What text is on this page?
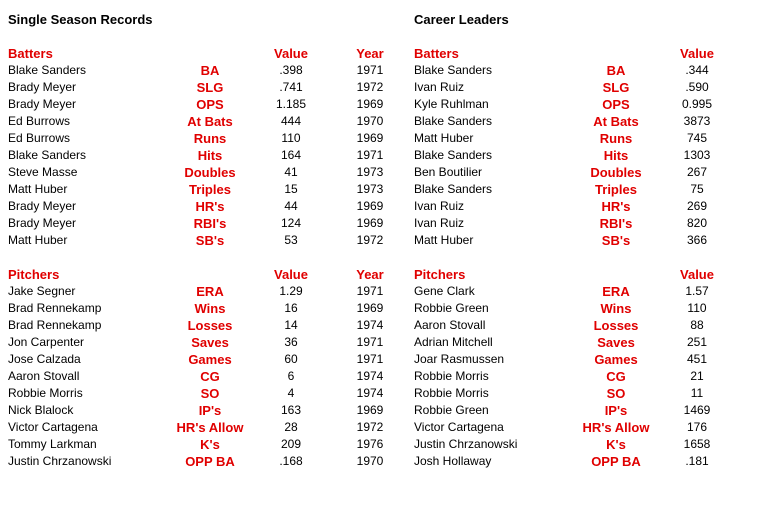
Single Season Records
Batters	Value	Year
Blake Sanders	BA	.398	1971
Brady Meyer	SLG	.741	1972
Brady Meyer	OPS	1.185	1969
Ed Burrows	At Bats	444	1970
Ed Burrows	Runs	110	1969
Blake Sanders	Hits	164	1971
Steve Masse	Doubles	41	1973
Matt Huber	Triples	15	1973
Brady Meyer	HR's	44	1969
Brady Meyer	RBI's	124	1969
Matt Huber	SB's	53	1972
Pitchers	Value	Year
Jake Segner	ERA	1.29	1971
Brad Rennekamp	Wins	16	1969
Brad Rennekamp	Losses	14	1974
Jon Carpenter	Saves	36	1971
Jose Calzada	Games	60	1971
Aaron Stovall	CG	6	1974
Robbie Morris	SO	4	1974
Nick Blalock	IP's	163	1969
Victor Cartagena	HR's Allow	28	1972
Tommy Larkman	K's	209	1976
Justin Chrzanowski	OPP BA	.168	1970
Career Leaders
Batters	Value
Blake Sanders	BA	.344
Ivan Ruiz	SLG	.590
Kyle Ruhlman	OPS	0.995
Blake Sanders	At Bats	3873
Matt Huber	Runs	745
Blake Sanders	Hits	1303
Ben Boutilier	Doubles	267
Blake Sanders	Triples	75
Ivan Ruiz	HR's	269
Ivan Ruiz	RBI's	820
Matt Huber	SB's	366
Pitchers	Value
Gene Clark	ERA	1.57
Robbie Green	Wins	110
Aaron Stovall	Losses	88
Adrian Mitchell	Saves	251
Joar Rasmussen	Games	451
Robbie Morris	CG	21
Robbie Morris	SO	11
Robbie Green	IP's	1469
Victor Cartagena	HR's Allow	176
Justin Chrzanowski	K's	1658
Josh Hollaway	OPP BA	.181
